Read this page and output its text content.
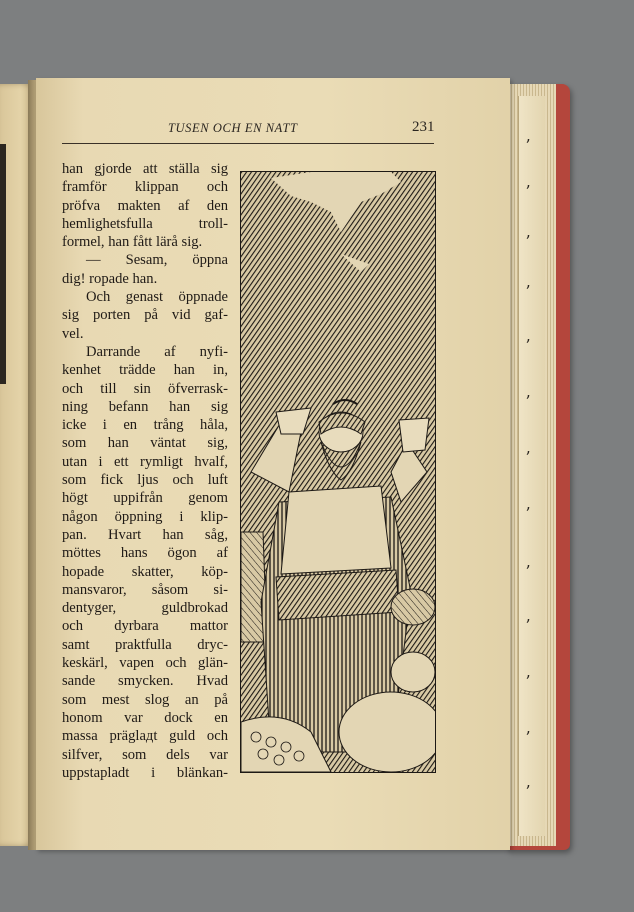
ʼ
ʼ
ʼ
ʼ
ʼ
ʼ
ʼ
ʼ
ʼ
ʼ
ʼ
ʼ
ʼ
TUSEN OCH EN NATT	231
han gjorde att ställa sig
framför klippan och
pröfva makten af den
hemlighetsfulla troll-
formel, han fått lärå sig.
— Sesam, öppna
dig! ropade han.
Och genast öppnade
sig porten på vid gaf-
vel.
Darrande af nyfi-
kenhet trädde han in,
och till sin öfverrask-
ning befann han sig
icke i en trång håla,
som han väntat sig,
utan i ett rymligt hvalf,
som fick ljus och luft
högt uppifrån genom
någon öppning i klip-
pan. Hvart han såg,
möttes hans ögon af
hopade skatter, köp-
mansvaror, såsom si-
dentyger, guldbrokad
och dyrbara mattor
samt praktfulla dryc-
keskärl, vapen och glän-
sande smycken. Hvad
som mest slog an på
honom var dock en
massa präglадt guld och
silfver, som dels var
uppstapladt i blänkan-
